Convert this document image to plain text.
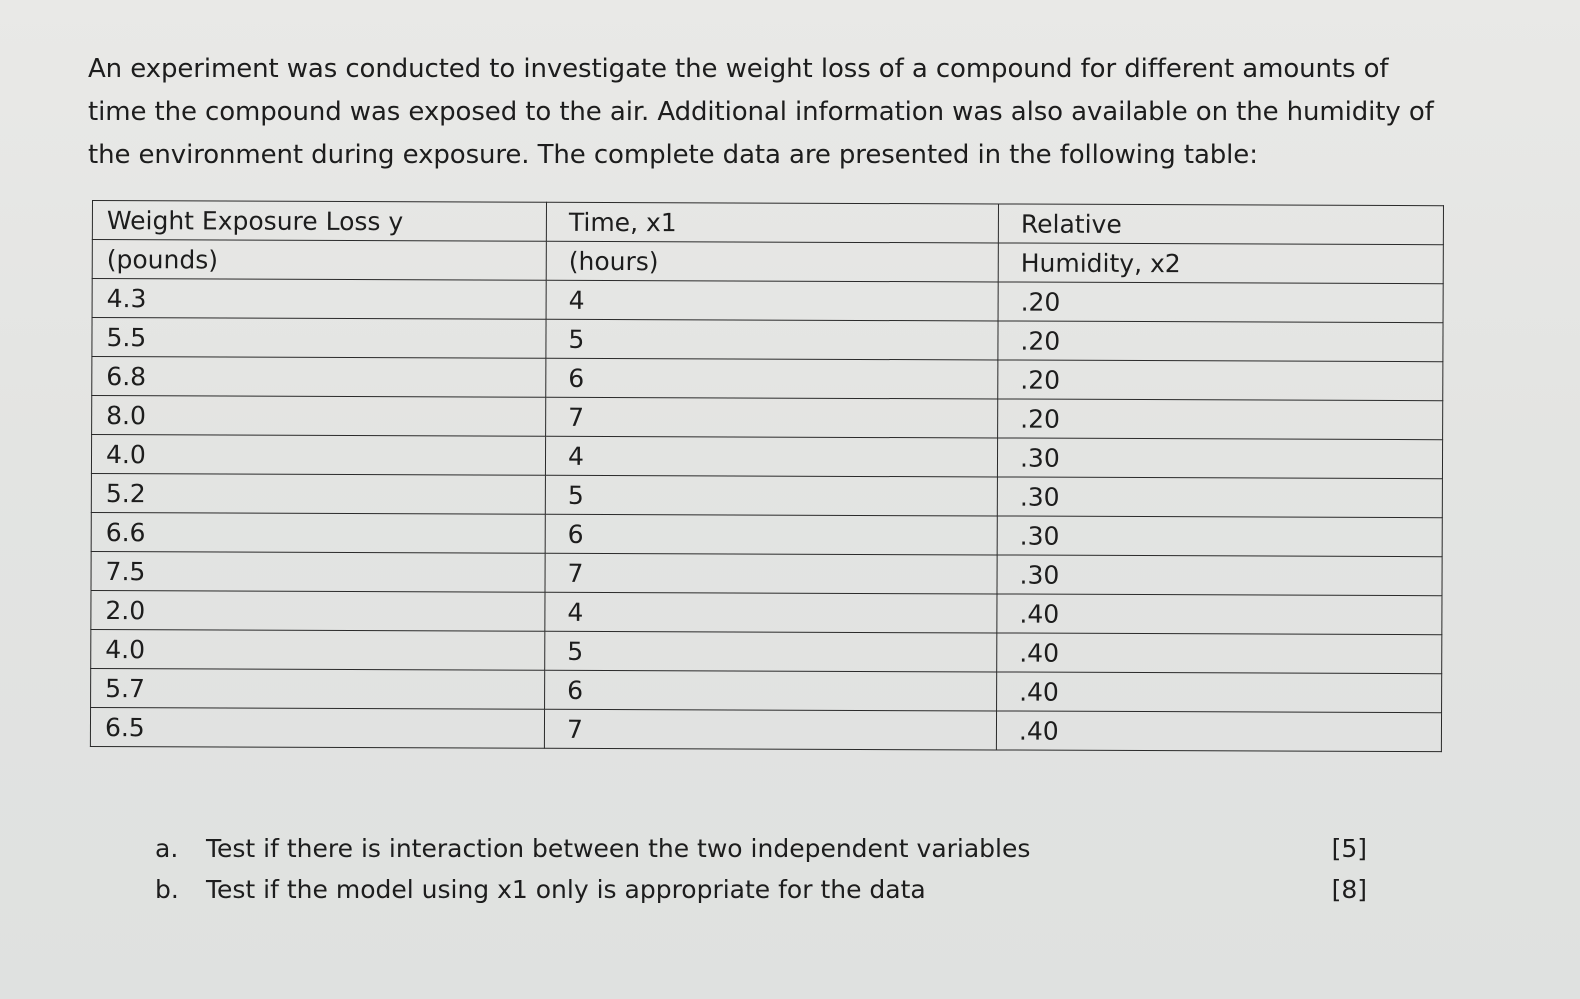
An experiment was conducted to investigate the weight loss of a compound for different amounts of
time the compound was exposed to the air. Additional information was also available on the humidity of
the environment during exposure. The complete data are presented in the following table:

Weight Exposure Loss y	Time, x1	Relative
(pounds)	(hours)	Humidity, x2
4.3	4	.20
5.5	5	.20
6.8	6	.20
8.0	7	.20
4.0	4	.30
5.2	5	.30
6.6	6	.30
7.5	7	.30
2.0	4	.40
4.0	5	.40
5.7	6	.40
6.5	7	.40
a. Test if there is interaction between the two independent variables	[5]
b. Test if the model using x1 only is appropriate for the data	[8]
